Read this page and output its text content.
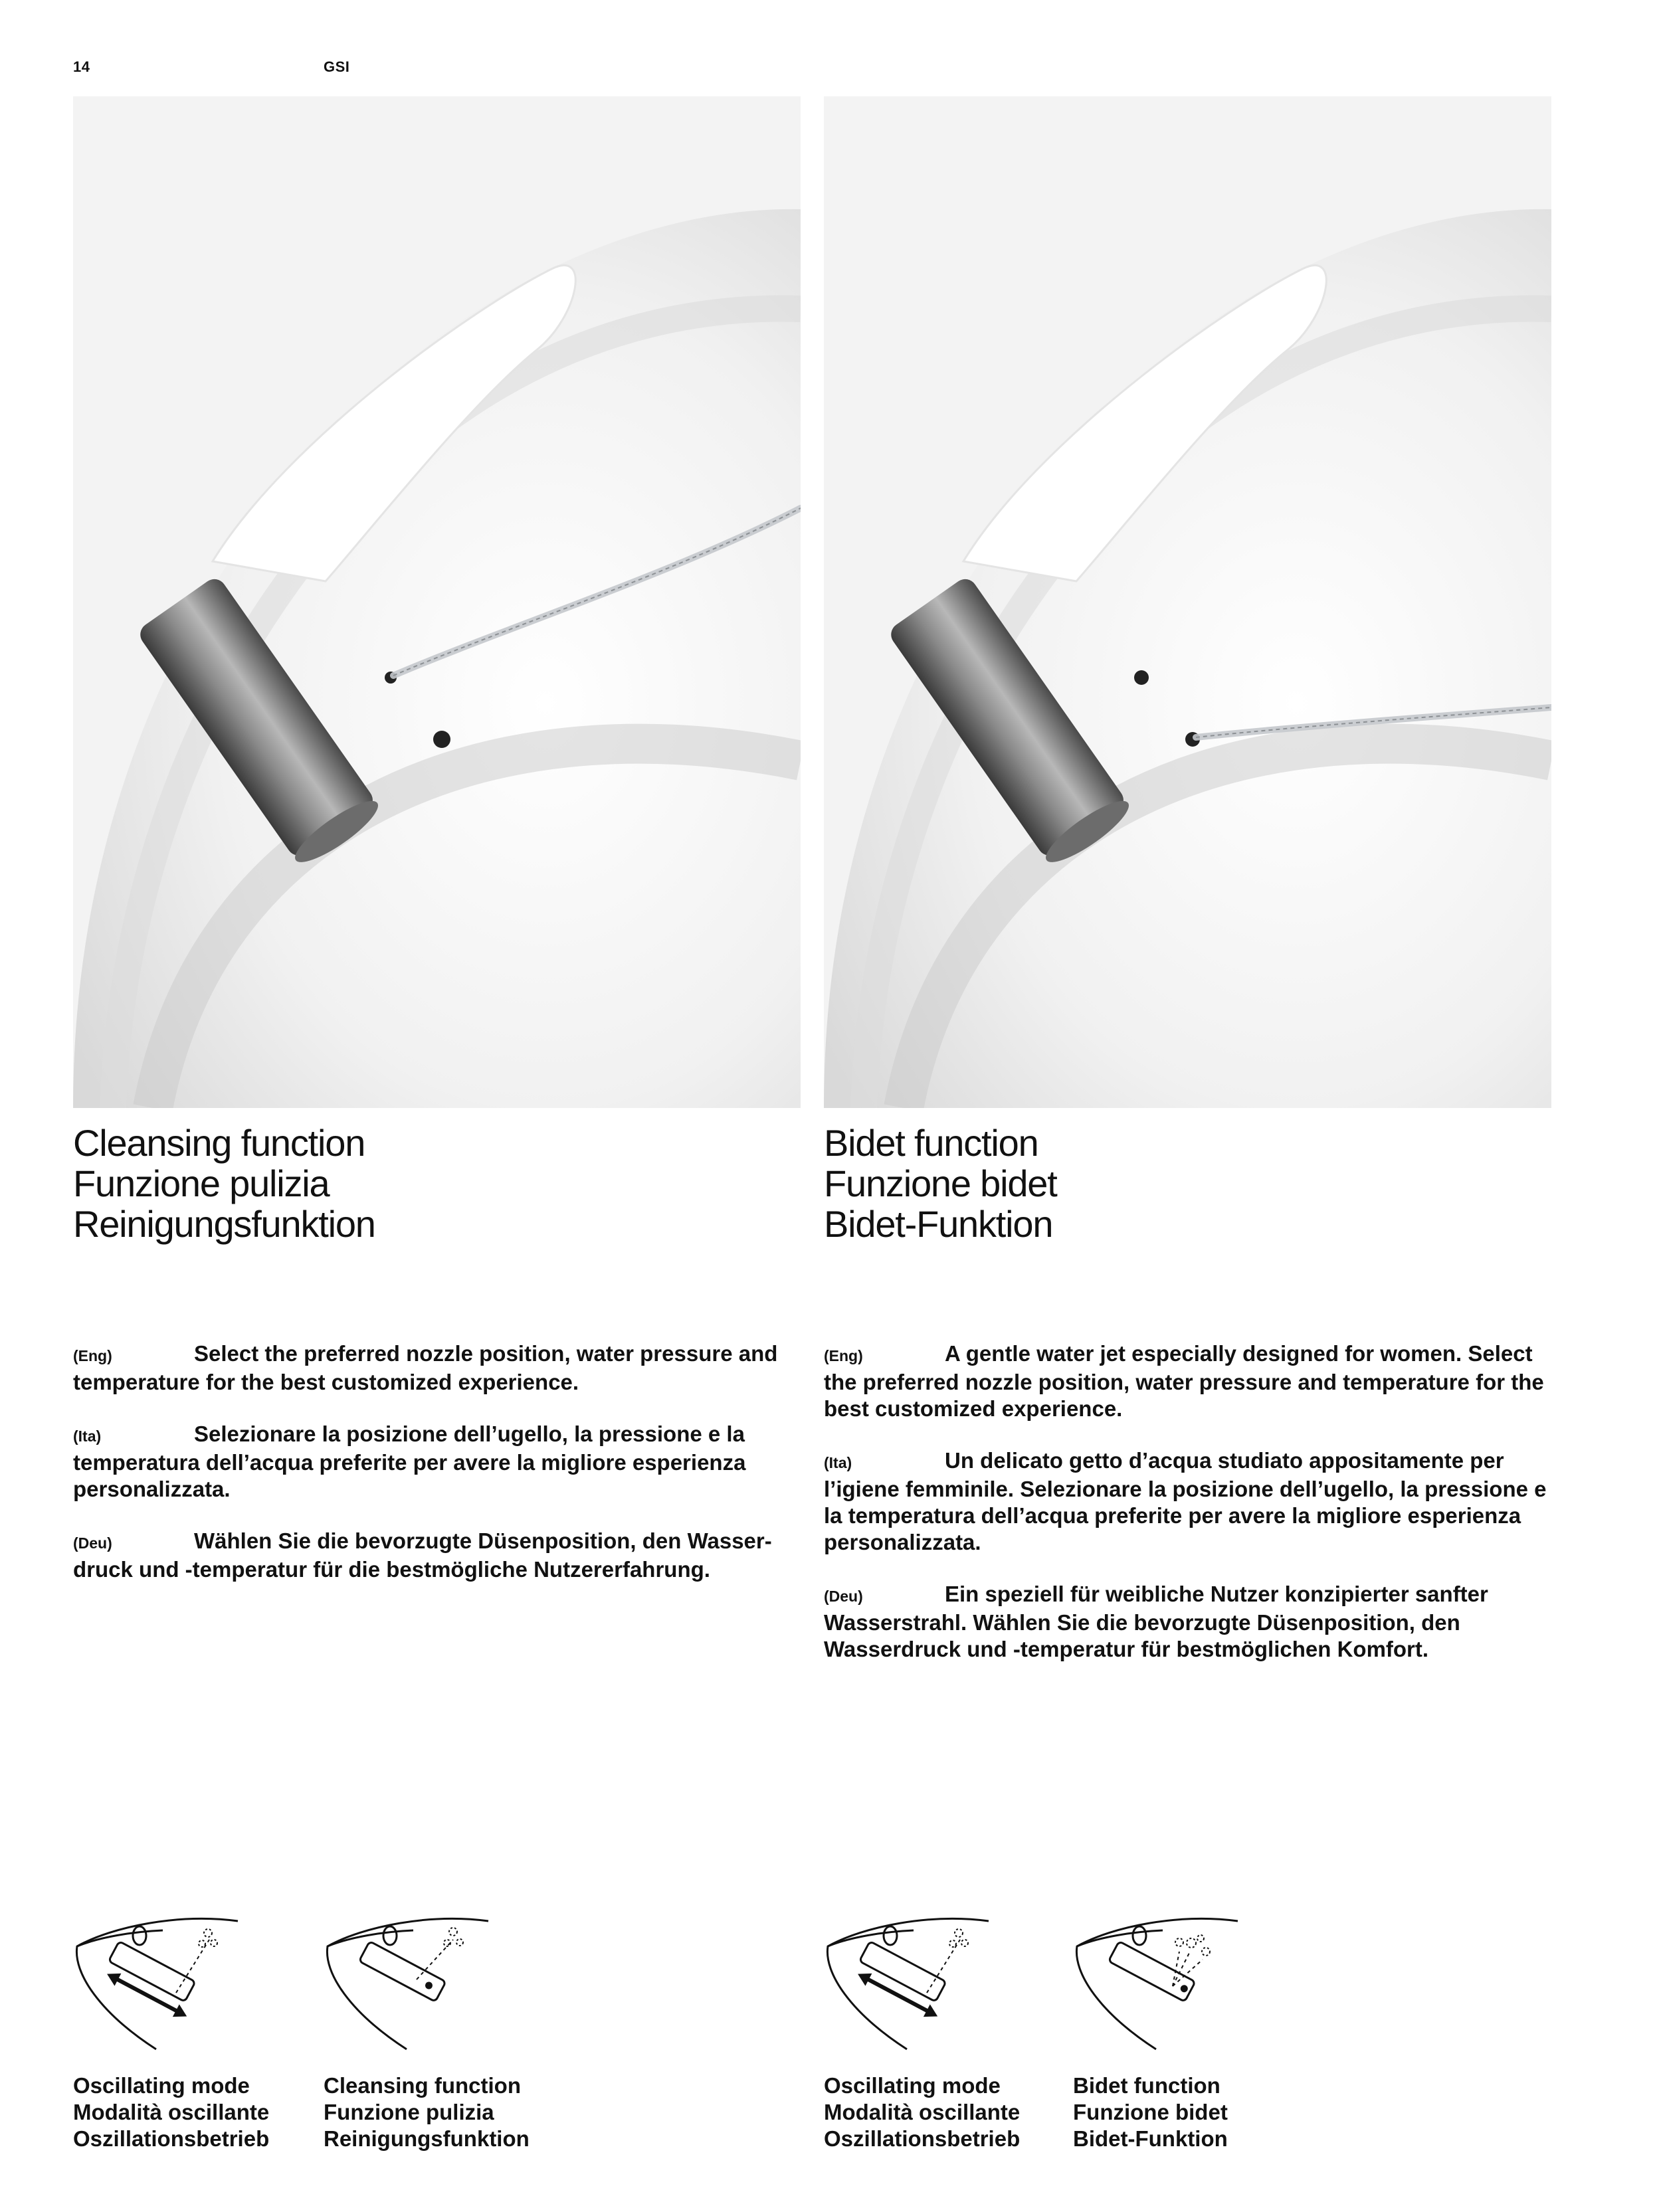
14	GSI
Cleansing function
Funzione pulizia
Reinigungsfunktion
Bidet function
Funzione bidet
Bidet-Funktion

(Eng)	Select the preferred nozzle position, water pressure and temperature for the best customized experience.

(Ita)	Selezionare la posizione dell’ugello, la pressione e la temperatura dell’acqua preferite per avere la migliore esperienza personalizzata.

(Deu)	Wählen Sie die bevorzugte Düsenposition, den Wasser- druck und -temperatur für die bestmögliche Nutzererfahrung.

(Eng)	A gentle water jet especially designed for women. Select the preferred nozzle position, water pressure and temperature for the best customized experience.

(Ita)	Un delicato getto d’acqua studiato appositamente per l’igiene femminile. Selezionare la posizione dell’ugello, la pressione e la temperatura dell’acqua preferite per avere la migliore esperienza personalizzata.

(Deu)	Ein speziell für weibliche Nutzer konzipierter sanfter Wasserstrahl. Wählen Sie die bevorzugte Düsenposition, den Wasserdruck und -temperatur für bestmöglichen Komfort.

Oscillating mode
Modalità oscillante
Oszillationsbetrieb
Cleansing function
Funzione pulizia
Reinigungsfunktion
Oscillating mode
Modalità oscillante
Oszillationsbetrieb
Bidet function
Funzione bidet
Bidet-Funktion
